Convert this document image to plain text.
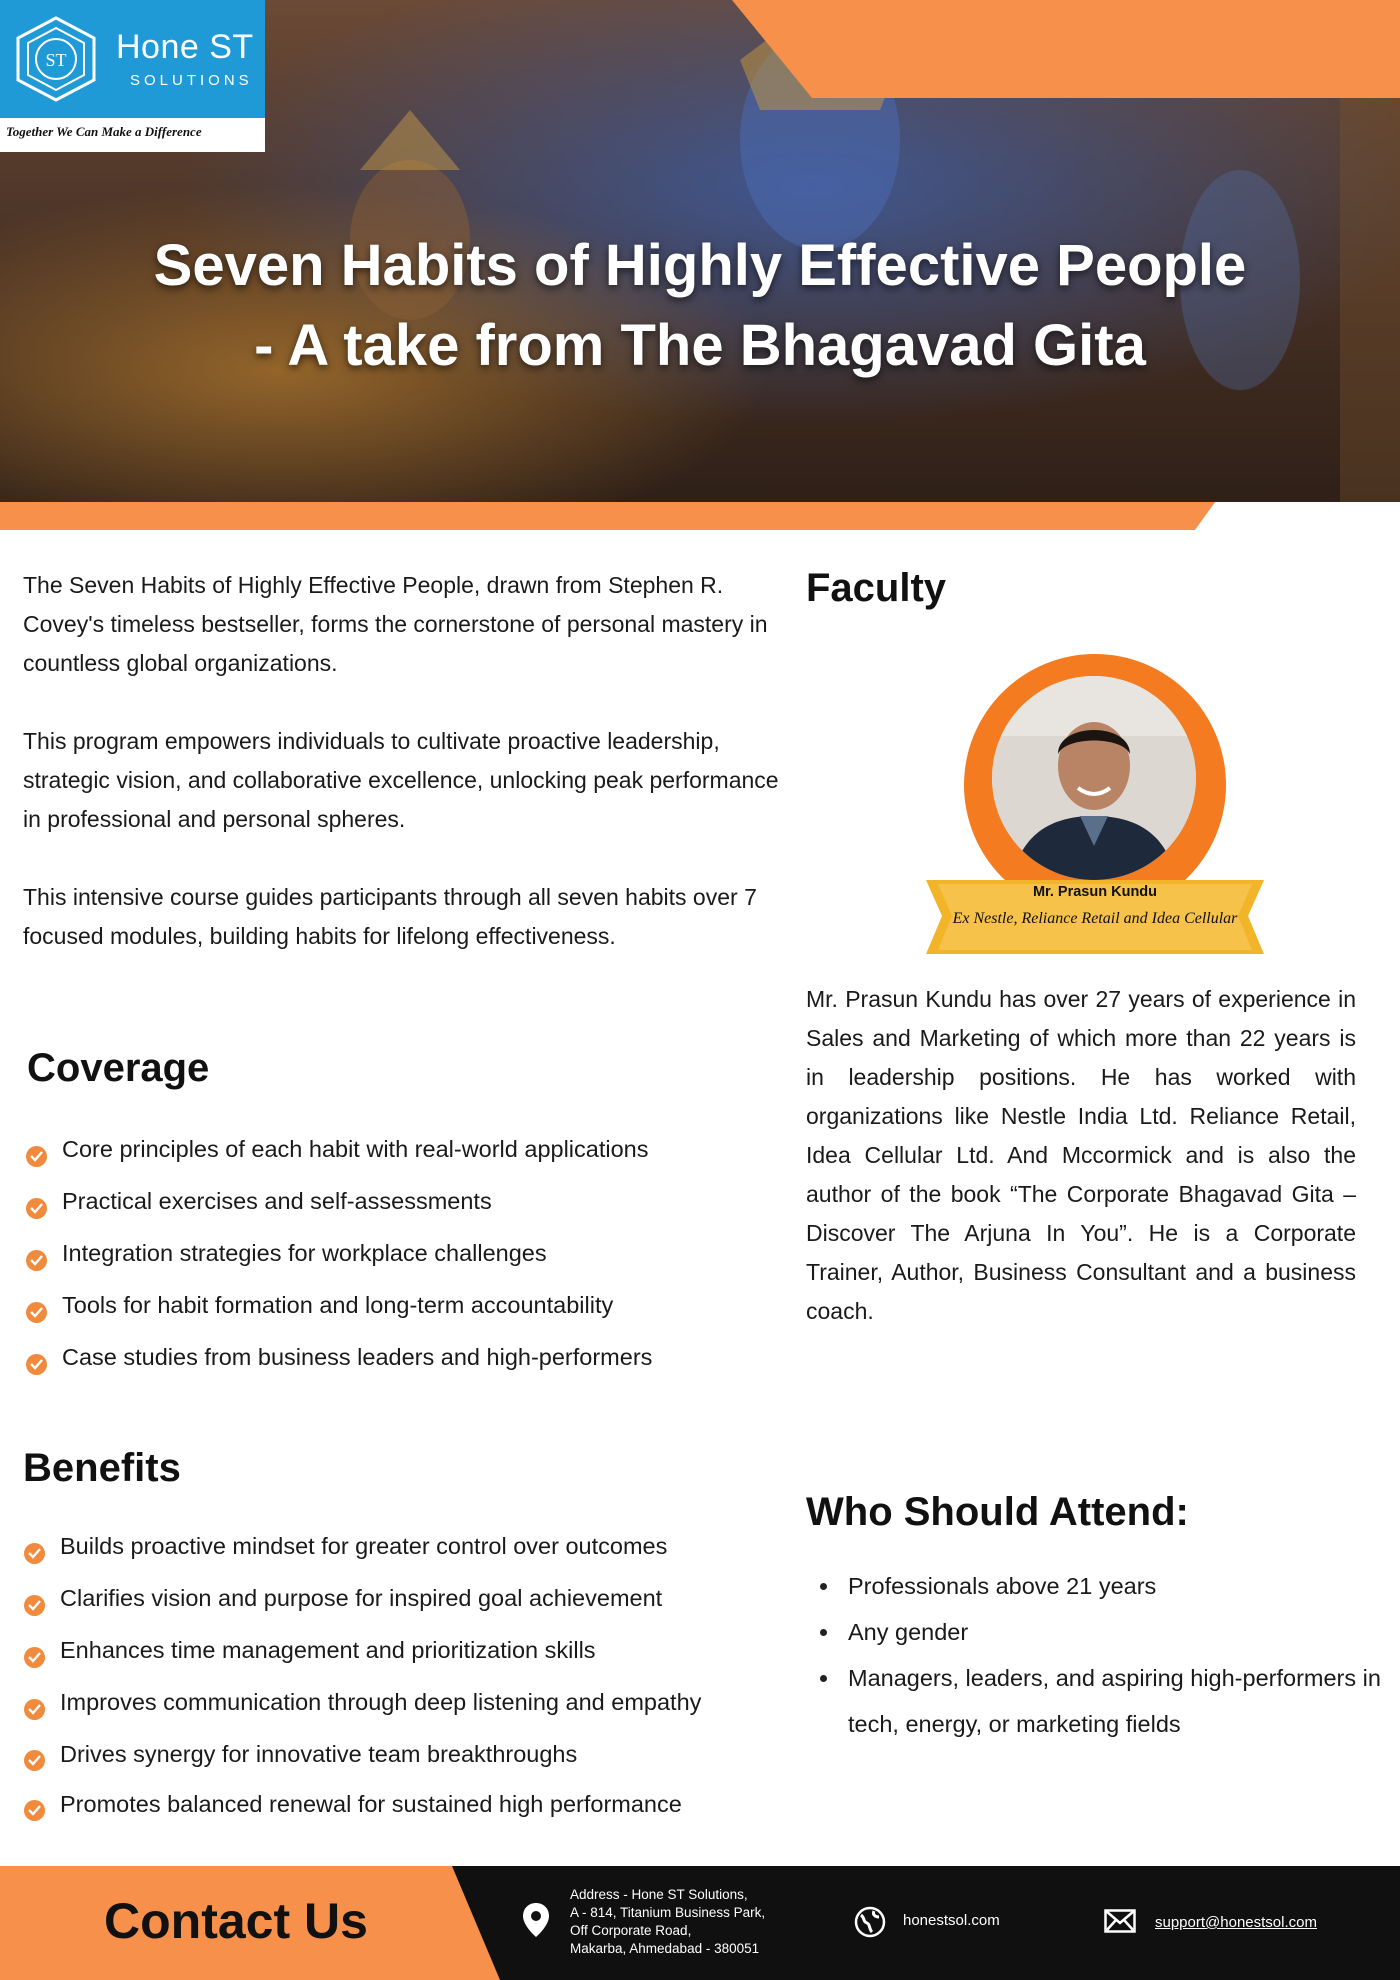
ST Hone ST
SOLUTIONS
Together We Can Make a Difference
Seven Habits of Highly Effective People
- A take from The Bhagavad Gita

The Seven Habits of Highly Effective People, drawn from Stephen R. Covey's timeless bestseller, forms the cornerstone of personal mastery in countless global organizations.

This program empowers individuals to cultivate proactive leadership, strategic vision, and collaborative excellence, unlocking peak performance in professional and personal spheres.

This intensive course guides participants through all seven habits over 7 focused modules, building habits for lifelong effectiveness.

Coverage
Core principles of each habit with real-world applications
Practical exercises and self-assessments
Integration strategies for workplace challenges
Tools for habit formation and long-term accountability
Case studies from business leaders and high-performers
Benefits
Builds proactive mindset for greater control over outcomes
Clarifies vision and purpose for inspired goal achievement
Enhances time management and prioritization skills
Improves communication through deep listening and empathy
Drives synergy for innovative team breakthroughs
Promotes balanced renewal for sustained high performance
Faculty
Mr. Prasun Kundu
Ex Nestle, Reliance Retail and Idea Cellular
Mr. Prasun Kundu has over 27 years of experience in Sales and Marketing of which more than 22 years is in leadership positions. He has worked with organizations like Nestle India Ltd. Reliance Retail, Idea Cellular Ltd. And Mccormick and is also the author of the book “The Corporate Bhagavad Gita – Discover The Arjuna In You”. He is a Corporate Trainer, Author, Business Consultant and a business coach.
Who Should Attend:
Professionals above 21 years
Any gender
Managers, leaders, and aspiring high-performers in tech, energy, or marketing fields
Contact Us	Address - Hone ST Solutions,
A - 814, Titanium Business Park,
Off Corporate Road,
Makarba, Ahmedabad - 380051
honestsol.com	support@honestsol.com
